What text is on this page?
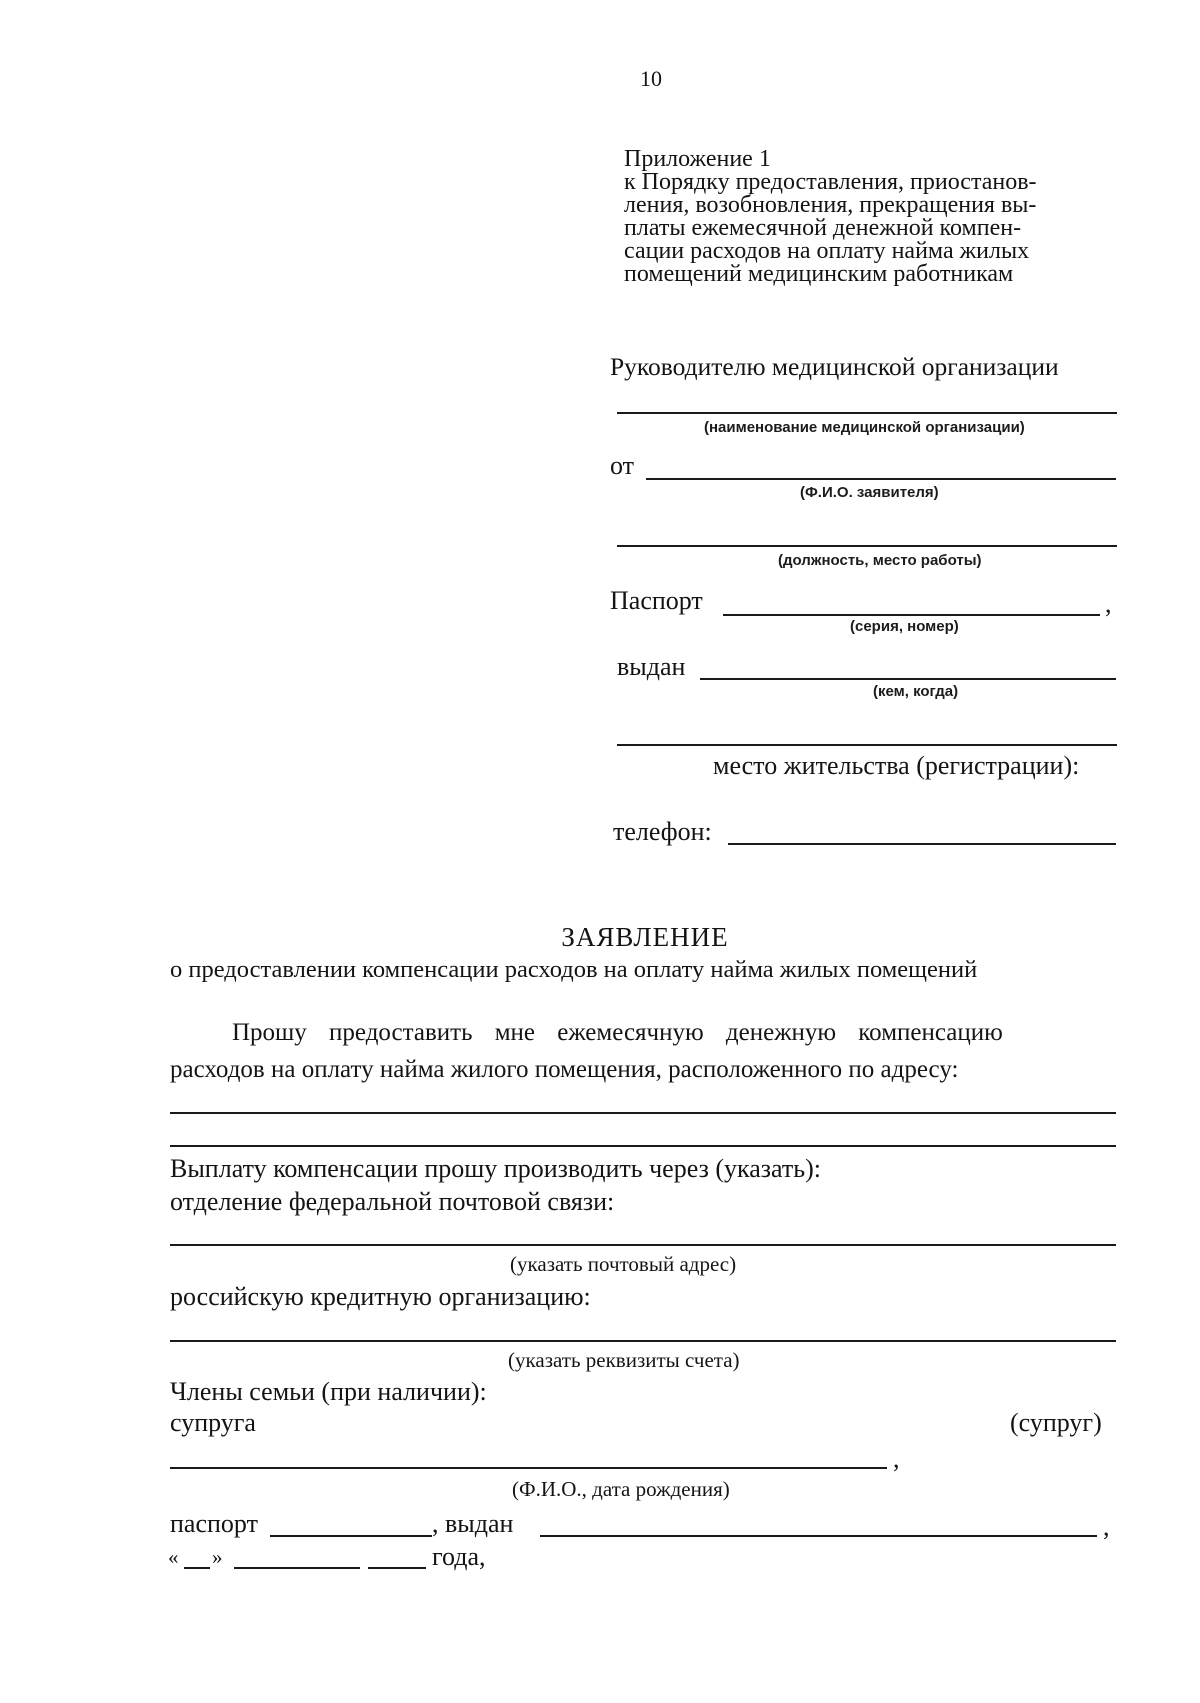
10
Приложение 1
к Порядку предоставления, приостанов-
ления, возобновления, прекращения вы-
платы ежемесячной денежной компен-
сации расходов на оплату найма жилых
помещений медицинским работникам
Руководителю медицинской организации
(наименование медицинской организации)
от
(Ф.И.О. заявителя)
(должность, место работы)
Паспорт	,
(серия, номер)
выдан
(кем, когда)
место жительства (регистрации):
телефон:
ЗАЯВЛЕНИЕ
о предоставлении компенсации расходов на оплату найма жилых помещений
Прошу предоставить мне ежемесячную денежную компенсацию
расходов на оплату найма жилого помещения, расположенного по адресу:
Выплату компенсации прошу производить через (указать):
отделение федеральной почтовой связи:
(указать почтовый адрес)
российскую кредитную организацию:
(указать реквизиты счета)
Члены семьи (при наличии):
супруга	(супруг)
,
(Ф.И.О., дата рождения)
паспорт	, выдан	,
« »	года,
